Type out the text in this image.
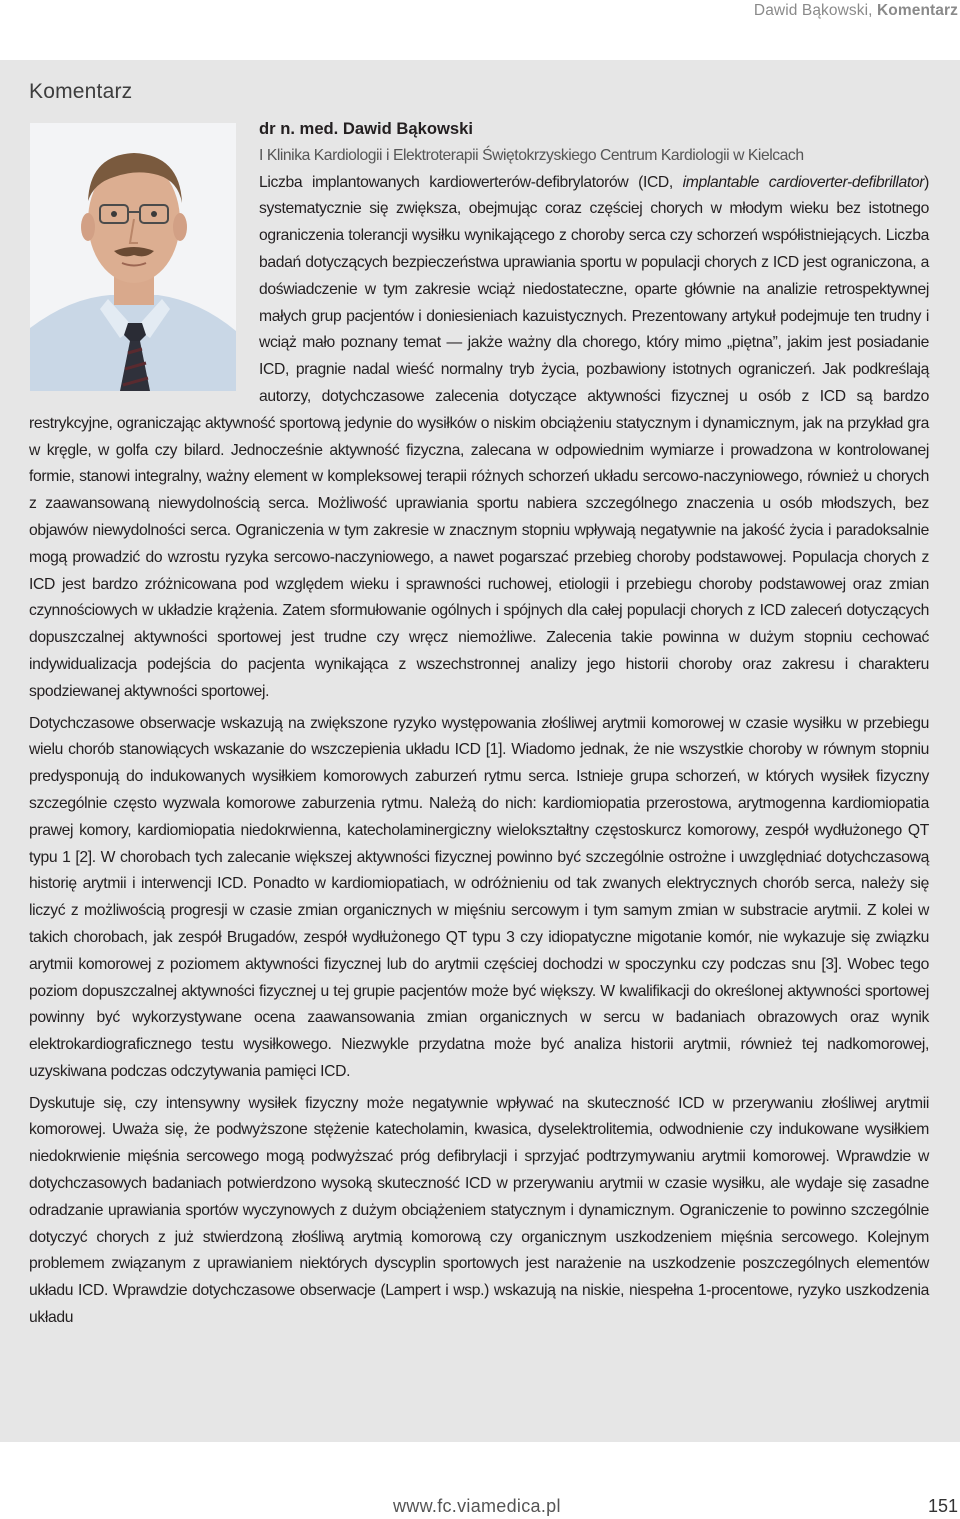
Dawid Bąkowski, Komentarz
Komentarz

dr n. med. Dawid Bąkowski

I Klinika Kardiologii i Elektroterapii Świętokrzyskiego Centrum Kardiologii w Kielcach

Liczba implantowanych kardiowerterów-defibrylatorów (ICD, implantable cardioverter-defibrillator) systematycznie się zwiększa, obejmując coraz częściej chorych w młodym wieku bez istotnego ograniczenia tolerancji wysiłku wynikającego z choroby serca czy schorzeń współistniejących. Liczba badań dotyczących bezpieczeństwa uprawiania sportu w populacji chorych z ICD jest ograniczona, a doświadczenie w tym zakresie wciąż niedostateczne, oparte głównie na analizie retrospektywnej małych grup pacjentów i doniesieniach kazuistycznych. Prezentowany artykuł podejmuje ten trudny i wciąż mało poznany temat — jakże ważny dla chorego, który mimo „piętna”, jakim jest posiadanie ICD, pragnie nadal wieść normalny tryb życia, pozbawiony istotnych ograniczeń. Jak podkreślają autorzy, dotychczasowe zalecenia dotyczące aktywności fizycznej u osób z ICD są bardzo restrykcyjne, ograniczając aktywność sportową jedynie do wysiłków o niskim obciążeniu statycznym i dynamicznym, jak na przykład gra w kręgle, w golfa czy bilard. Jednocześnie aktywność fizyczna, zalecana w odpowiednim wymiarze i prowadzona w kontrolowanej formie, stanowi integralny, ważny element w kompleksowej terapii różnych schorzeń układu sercowo-naczyniowego, również u chorych z zaawansowaną niewydolnością serca. Możliwość uprawiania sportu nabiera szczególnego znaczenia u osób młodszych, bez objawów niewydolności serca. Ograniczenia w tym zakresie w znacznym stopniu wpływają negatywnie na jakość życia i paradoksalnie mogą prowadzić do wzrostu ryzyka sercowo-naczyniowego, a nawet pogarszać przebieg choroby podstawowej. Populacja chorych z ICD jest bardzo zróżnicowana pod względem wieku i sprawności ruchowej, etiologii i przebiegu choroby podstawowej oraz zmian czynnościowych w układzie krążenia. Zatem sformułowanie ogólnych i spójnych dla całej populacji chorych z ICD zaleceń dotyczących dopuszczalnej aktywności sportowej jest trudne czy wręcz niemożliwe. Zalecenia takie powinna w dużym stopniu cechować indywidualizacja podejścia do pacjenta wynikająca z wszechstronnej analizy jego historii choroby oraz zakresu i charakteru spodziewanej aktywności sportowej.

Dotychczasowe obserwacje wskazują na zwiększone ryzyko występowania złośliwej arytmii komorowej w czasie wysiłku w przebiegu wielu chorób stanowiących wskazanie do wszczepienia układu ICD [1]. Wiadomo jednak, że nie wszystkie choroby w równym stopniu predysponują do indukowanych wysiłkiem komorowych zaburzeń rytmu serca. Istnieje grupa schorzeń, w których wysiłek fizyczny szczególnie często wyzwala komorowe zaburzenia rytmu. Należą do nich: kardiomiopatia przerostowa, arytmogenna kardiomiopatia prawej komory, kardiomiopatia niedokrwienna, katecholaminergiczny wielokształtny częstoskurcz komorowy, zespół wydłużonego QT typu 1 [2]. W chorobach tych zalecanie większej aktywności fizycznej powinno być szczególnie ostrożne i uwzględniać dotychczasową historię arytmii i interwencji ICD. Ponadto w kardiomiopatiach, w odróżnieniu od tak zwanych elektrycznych chorób serca, należy się liczyć z możliwością progresji w czasie zmian organicznych w mięśniu sercowym i tym samym zmian w substracie arytmii. Z kolei w takich chorobach, jak zespół Brugadów, zespół wydłużonego QT typu 3 czy idiopatyczne migotanie komór, nie wykazuje się związku arytmii komorowej z poziomem aktywności fizycznej lub do arytmii częściej dochodzi w spoczynku czy podczas snu [3]. Wobec tego poziom dopuszczalnej aktywności fizycznej u tej grupie pacjentów może być większy. W kwalifikacji do określonej aktywności sportowej powinny być wykorzystywane ocena zaawansowania zmian organicznych w sercu w badaniach obrazowych oraz wynik elektrokardiograficznego testu wysiłkowego. Niezwykle przydatna może być analiza historii arytmii, również tej nadkomorowej, uzyskiwana podczas odczytywania pamięci ICD.

Dyskutuje się, czy intensywny wysiłek fizyczny może negatywnie wpływać na skuteczność ICD w przerywaniu złośliwej arytmii komorowej. Uważa się, że podwyższone stężenie katecholamin, kwasica, dyselektrolitemia, odwodnienie czy indukowane wysiłkiem niedokrwienie mięśnia sercowego mogą podwyższać próg defibrylacji i sprzyjać podtrzymywaniu arytmii komorowej. Wprawdzie w dotychczasowych badaniach potwierdzono wysoką skuteczność ICD w przerywaniu arytmii w czasie wysiłku, ale wydaje się zasadne odradzanie uprawiania sportów wyczynowych z dużym obciążeniem statycznym i dynamicznym. Ograniczenie to powinno szczególnie dotyczyć chorych z już stwierdzoną złośliwą arytmią komorową czy organicznym uszkodzeniem mięśnia sercowego. Kolejnym problemem związanym z uprawianiem niektórych dyscyplin sportowych jest narażenie na uszkodzenie poszczególnych elementów układu ICD. Wprawdzie dotychczasowe obserwacje (Lampert i wsp.) wskazują na niskie, niespełna 1-procentowe, ryzyko uszkodzenia układu

www.fc.viamedica.pl	151
